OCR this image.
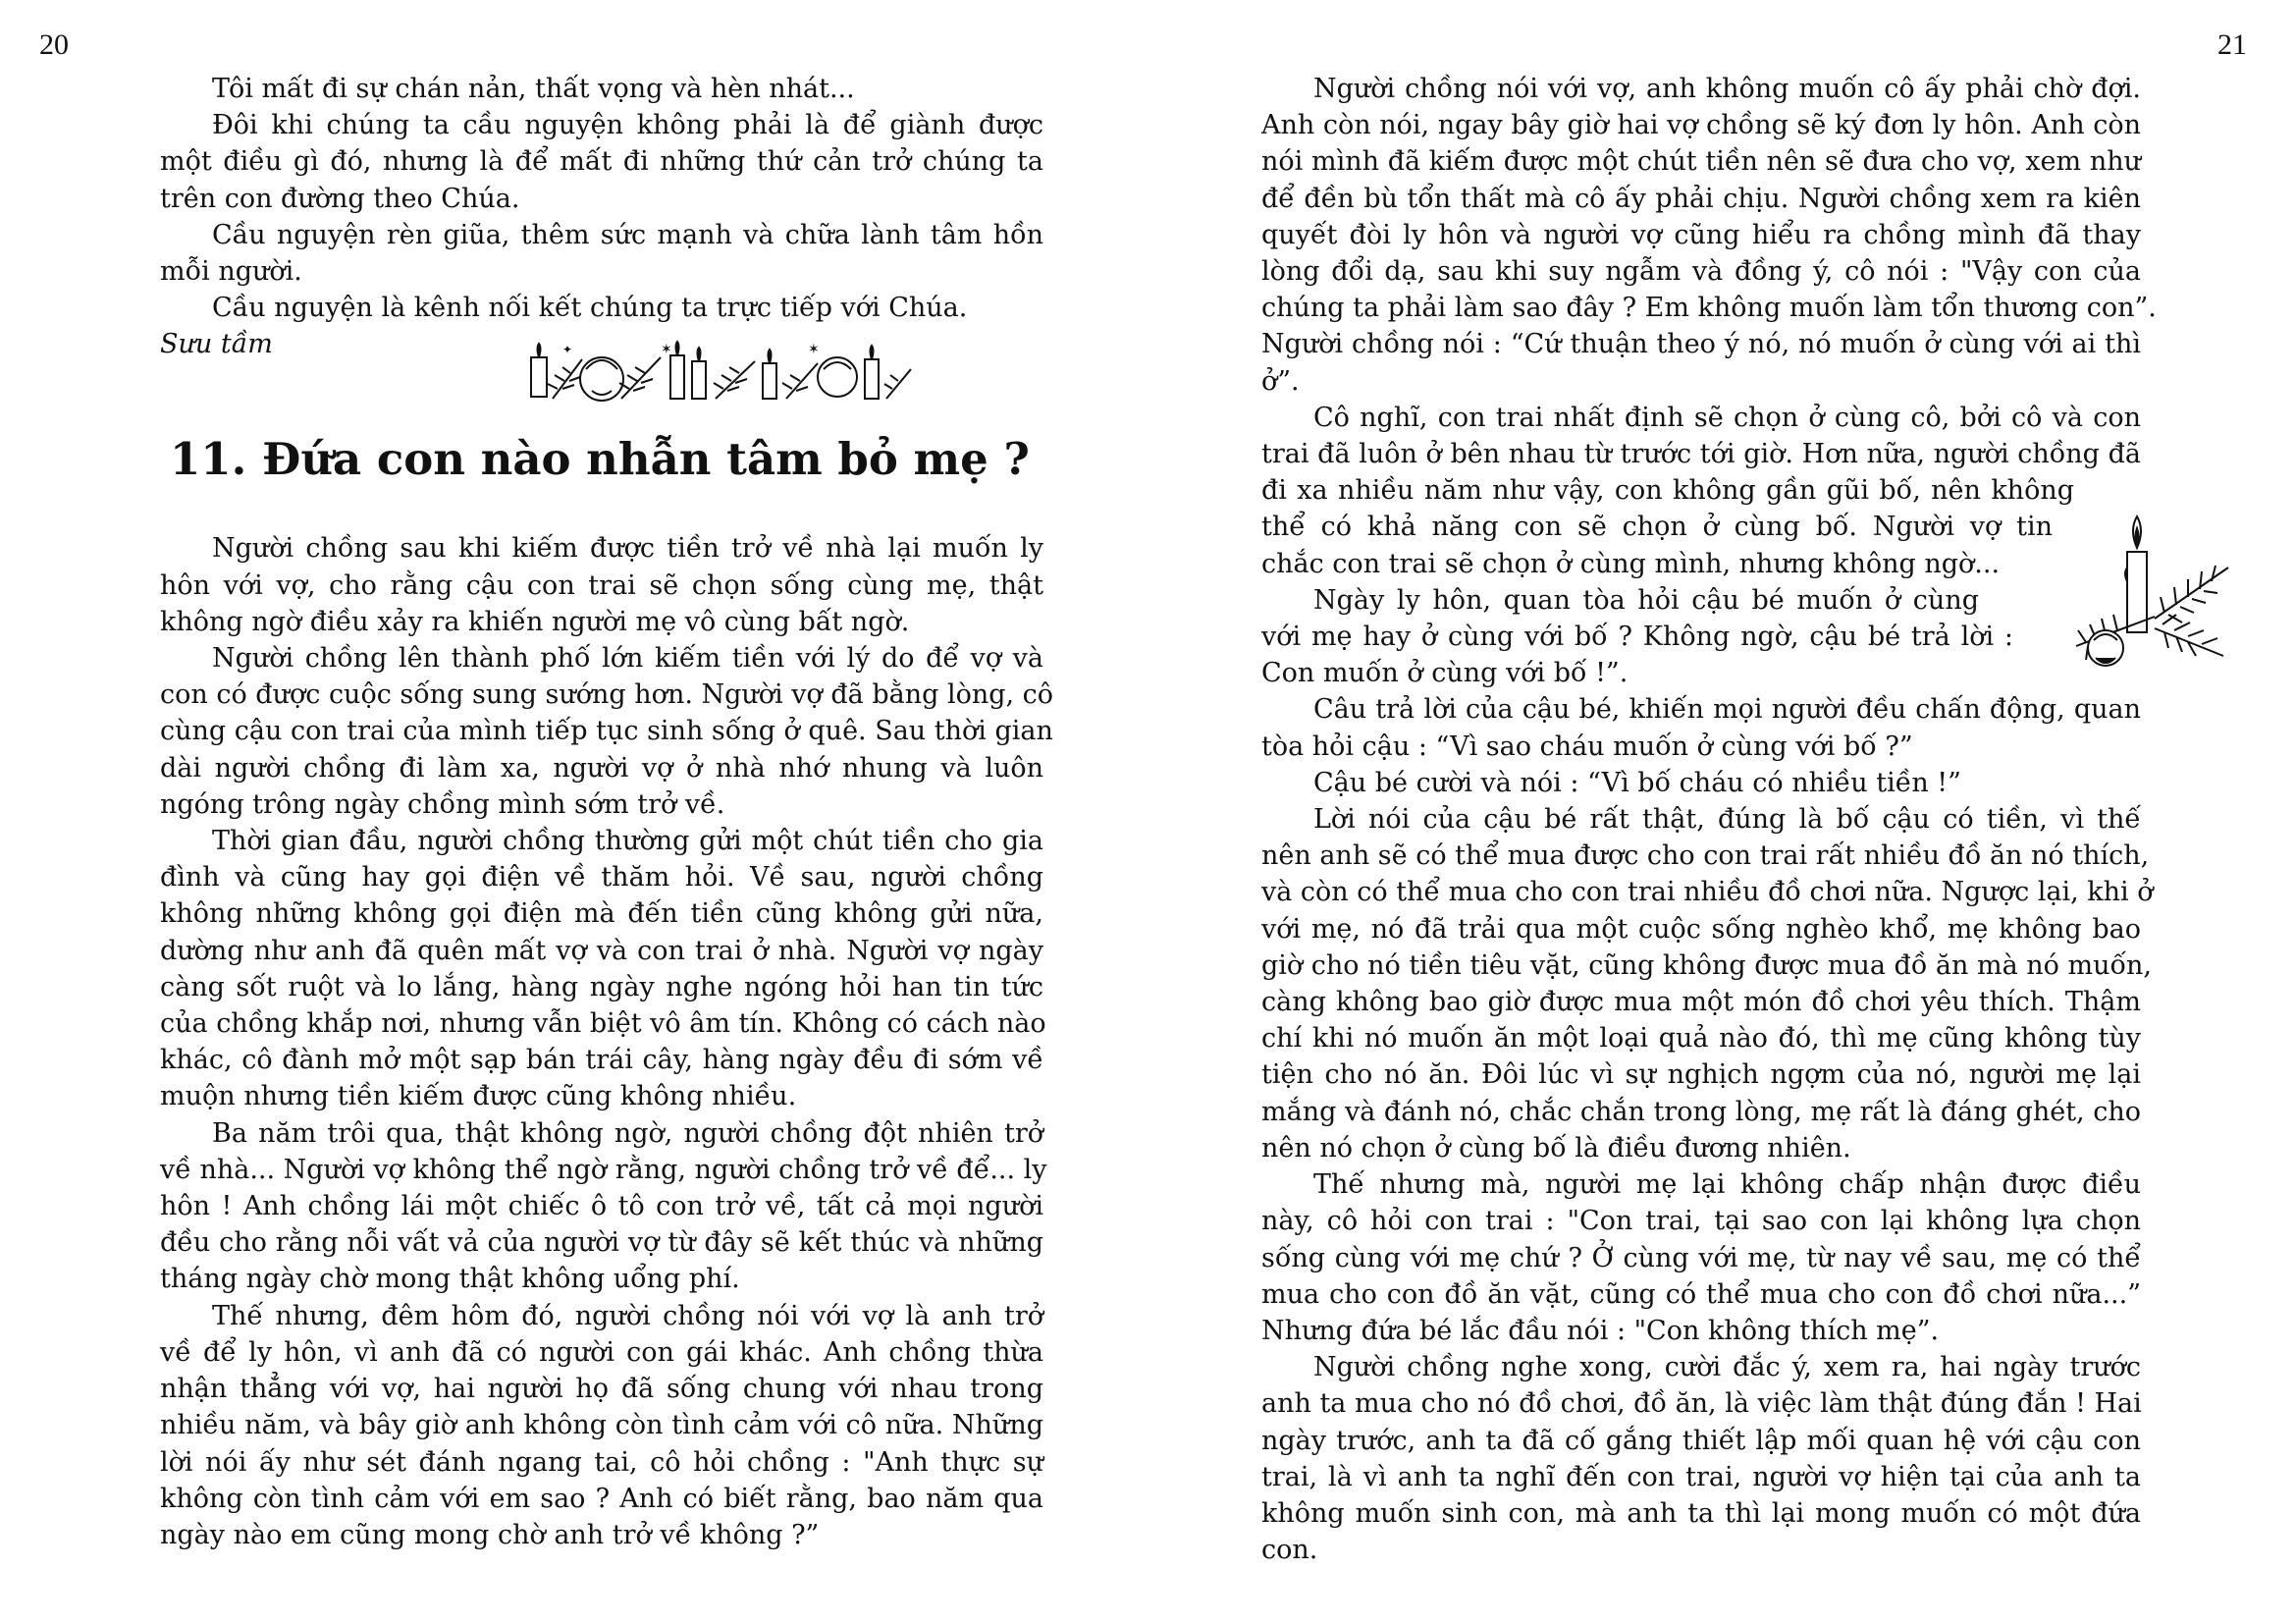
20

Tôi mất đi sự chán nản, thất vọng và hèn nhát...
Đôi khi chúng ta cầu nguyện không phải là để giành được
một điều gì đó, nhưng là để mất đi những thứ cản trở chúng ta
trên con đường theo Chúa.
Cầu nguyện rèn giũa, thêm sức mạnh và chữa lành tâm hồn
mỗi người.
Cầu nguyện là kênh nối kết chúng ta trực tiếp với Chúa.

Sưu tầm	✶	✶
✦
11. Đứa con nào nhẫn tâm bỏ mẹ ?

Người chồng sau khi kiếm được tiền trở về nhà lại muốn ly
hôn với vợ, cho rằng cậu con trai sẽ chọn sống cùng mẹ, thật
không ngờ điều xảy ra khiến người mẹ vô cùng bất ngờ.

Người chồng lên thành phố lớn kiếm tiền với lý do để vợ và
con có được cuộc sống sung sướng hơn. Người vợ đã bằng lòng, cô
cùng cậu con trai của mình tiếp tục sinh sống ở quê. Sau thời gian
dài người chồng đi làm xa, người vợ ở nhà nhớ nhung và luôn
ngóng trông ngày chồng mình sớm trở về.

Thời gian đầu, người chồng thường gửi một chút tiền cho gia
đình và cũng hay gọi điện về thăm hỏi. Về sau, người chồng
không những không gọi điện mà đến tiền cũng không gửi nữa,
dường như anh đã quên mất vợ và con trai ở nhà. Người vợ ngày
càng sốt ruột và lo lắng, hàng ngày nghe ngóng hỏi han tin tức
của chồng khắp nơi, nhưng vẫn biệt vô âm tín. Không có cách nào
khác, cô đành mở một sạp bán trái cây, hàng ngày đều đi sớm về
muộn nhưng tiền kiếm được cũng không nhiều.

Ba năm trôi qua, thật không ngờ, người chồng đột nhiên trở
về nhà... Người vợ không thể ngờ rằng, người chồng trở về để... ly
hôn ! Anh chồng lái một chiếc ô tô con trở về, tất cả mọi người
đều cho rằng nỗi vất vả của người vợ từ đây sẽ kết thúc và những
tháng ngày chờ mong thật không uổng phí.

Thế nhưng, đêm hôm đó, người chồng nói với vợ là anh trở
về để ly hôn, vì anh đã có người con gái khác. Anh chồng thừa
nhận thẳng với vợ, hai người họ đã sống chung với nhau trong
nhiều năm, và bây giờ anh không còn tình cảm với cô nữa. Những
lời nói ấy như sét đánh ngang tai, cô hỏi chồng : "Anh thực sự
không còn tình cảm với em sao ? Anh có biết rằng, bao năm qua
ngày nào em cũng mong chờ anh trở về không ?”

21

Người chồng nói với vợ, anh không muốn cô ấy phải chờ đợi.
Anh còn nói, ngay bây giờ hai vợ chồng sẽ ký đơn ly hôn. Anh còn
nói mình đã kiếm được một chút tiền nên sẽ đưa cho vợ, xem như
để đền bù tổn thất mà cô ấy phải chịu. Người chồng xem ra kiên
quyết đòi ly hôn và người vợ cũng hiểu ra chồng mình đã thay
lòng đổi dạ, sau khi suy ngẫm và đồng ý, cô nói : "Vậy con của
chúng ta phải làm sao đây ? Em không muốn làm tổn thương con”.
Người chồng nói : “Cứ thuận theo ý nó, nó muốn ở cùng với ai thì
ở”.

Cô nghĩ, con trai nhất định sẽ chọn ở cùng cô, bởi cô và con
trai đã luôn ở bên nhau từ trước tới giờ. Hơn nữa, người chồng đã
đi xa nhiều năm như vậy, con không gần gũi bố, nên không
thể có khả năng con sẽ chọn ở cùng bố. Người vợ tin
chắc con trai sẽ chọn ở cùng mình, nhưng không ngờ...

Ngày ly hôn, quan tòa hỏi cậu bé muốn ở cùng
với mẹ hay ở cùng với bố ? Không ngờ, cậu bé trả lời :
Con muốn ở cùng với bố !”.

Câu trả lời của cậu bé, khiến mọi người đều chấn động, quan
tòa hỏi cậu : “Vì sao cháu muốn ở cùng với bố ?”

Cậu bé cười và nói : “Vì bố cháu có nhiều tiền !”

Lời nói của cậu bé rất thật, đúng là bố cậu có tiền, vì thế
nên anh sẽ có thể mua được cho con trai rất nhiều đồ ăn nó thích,
và còn có thể mua cho con trai nhiều đồ chơi nữa. Ngược lại, khi ở
với mẹ, nó đã trải qua một cuộc sống nghèo khổ, mẹ không bao
giờ cho nó tiền tiêu vặt, cũng không được mua đồ ăn mà nó muốn,
càng không bao giờ được mua một món đồ chơi yêu thích. Thậm
chí khi nó muốn ăn một loại quả nào đó, thì mẹ cũng không tùy
tiện cho nó ăn. Đôi lúc vì sự nghịch ngợm của nó, người mẹ lại
mắng và đánh nó, chắc chắn trong lòng, mẹ rất là đáng ghét, cho
nên nó chọn ở cùng bố là điều đương nhiên.

Thế nhưng mà, người mẹ lại không chấp nhận được điều
này, cô hỏi con trai : "Con trai, tại sao con lại không lựa chọn
sống cùng với mẹ chứ ? Ở cùng với mẹ, từ nay về sau, mẹ có thể
mua cho con đồ ăn vặt, cũng có thể mua cho con đồ chơi nữa...”
Nhưng đứa bé lắc đầu nói : "Con không thích mẹ”.

Người chồng nghe xong, cười đắc ý, xem ra, hai ngày trước
anh ta mua cho nó đồ chơi, đồ ăn, là việc làm thật đúng đắn ! Hai
ngày trước, anh ta đã cố gắng thiết lập mối quan hệ với cậu con
trai, là vì anh ta nghĩ đến con trai, người vợ hiện tại của anh ta
không muốn sinh con, mà anh ta thì lại mong muốn có một đứa
con.
